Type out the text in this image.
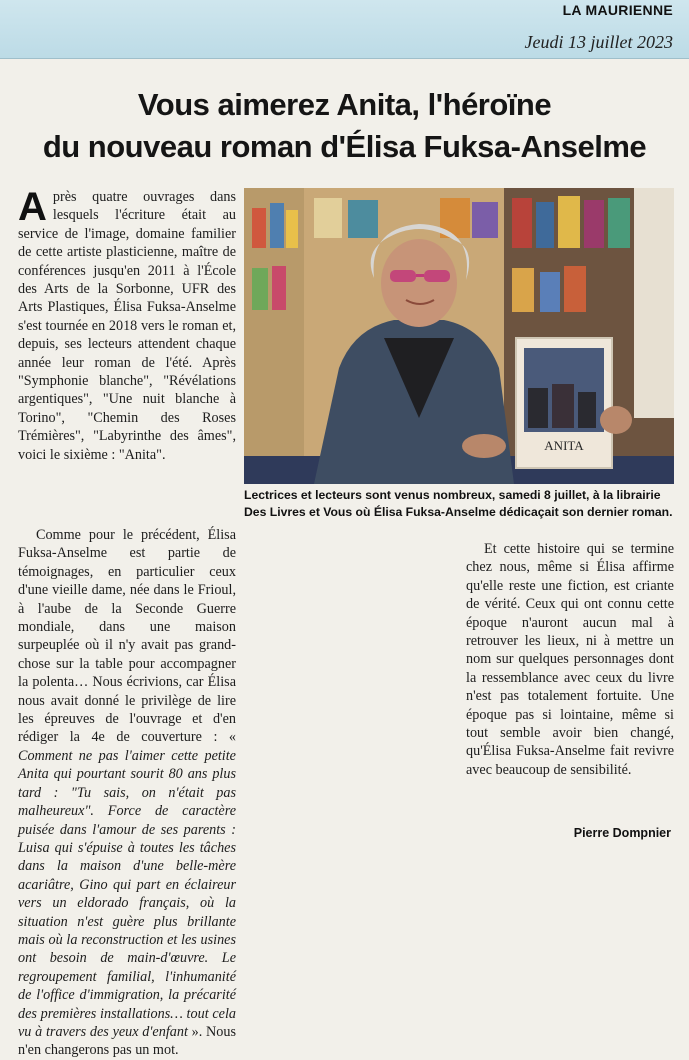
LA MAURIENNE
Jeudi 13 juillet 2023
Vous aimerez Anita, l'héroïne
du nouveau roman d'Élisa Fuksa-Anselme

Après quatre ouvrages dans lesquels l'écriture était au service de l'image, domaine familier de cette artiste plasticienne, maître de conférences jusqu'en 2011 à l'École des Arts de la Sorbonne, UFR des Arts Plastiques, Élisa Fuksa-Anselme s'est tournée en 2018 vers le roman et, depuis, ses lecteurs attendent chaque année leur roman de l'été. Après "Symphonie blanche", "Révélations argentiques", "Une nuit blanche à Torino", "Chemin des Roses Trémières", "Labyrinthe des âmes", voici le sixième : "Anita".

ANITA
Lectrices et lecteurs sont venus nombreux, samedi 8 juillet, à la librairie Des Livres et Vous où Élisa Fuksa-Anselme dédicaçait son dernier roman.

Comme pour le précédent, Élisa Fuksa-Anselme est partie de témoignages, en particulier ceux d'une vieille dame, née dans le Frioul, à l'aube de la Seconde Guerre mondiale, dans une maison surpeuplée où il n'y avait pas grand-chose sur la table pour accompagner la polenta… Nous écrivions, car Élisa nous avait donné le privilège de lire les épreuves de l'ouvrage et d'en rédiger la 4e de couverture : « Comment ne pas l'aimer cette petite Anita qui pourtant sourit 80 ans plus tard : "Tu sais, on n'était pas malheureux". Force de caractère puisée dans l'amour de ses parents : Luisa qui s'épuise à toutes les tâches dans la maison d'une belle-mère acariâtre, Gino qui part en éclaireur vers un eldorado français, où la situation n'est guère plus brillante mais où la reconstruction et les usines ont besoin de main-d'œuvre. Le regroupement familial, l'inhumanité de l'office d'immigration, la précarité des premières installations… tout cela vu à travers des yeux d'enfant ». Nous n'en changerons pas un mot.

Et cette histoire qui se termine chez nous, même si Élisa affirme qu'elle reste une fiction, est criante de vérité. Ceux qui ont connu cette époque n'auront aucun mal à retrouver les lieux, ni à mettre un nom sur quelques personnages dont la ressemblance avec ceux du livre n'est pas totalement fortuite. Une époque pas si lointaine, même si tout semble avoir bien changé, qu'Élisa Fuksa-Anselme fait revivre avec beaucoup de sensibilité.

Pierre Dompnier
